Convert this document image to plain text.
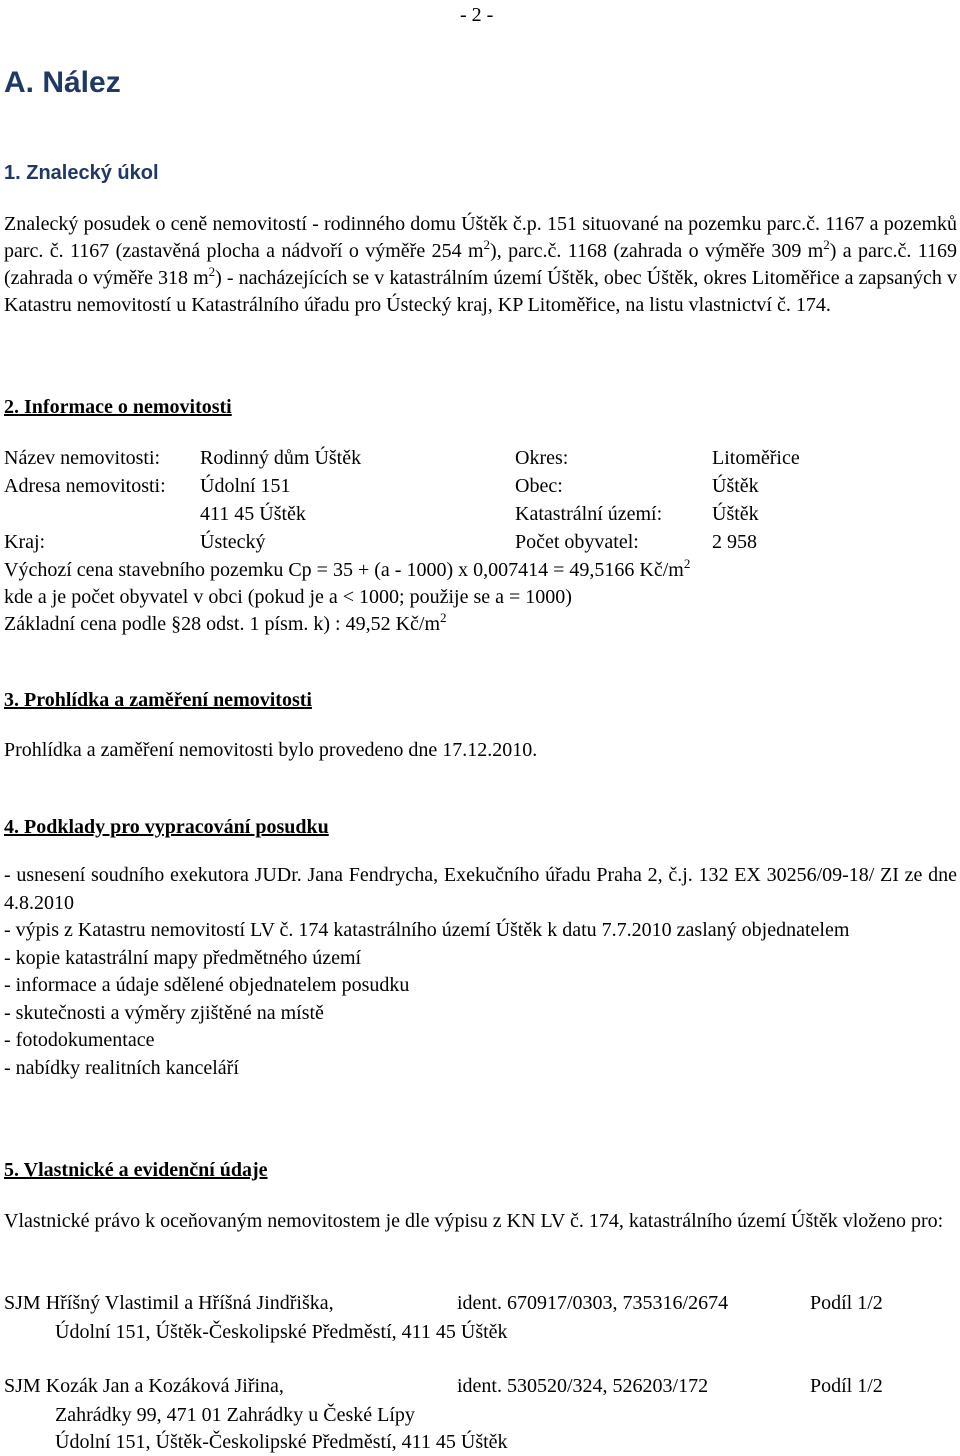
- 2 -
A. Nález
1. Znalecký úkol

Znalecký posudek o ceně nemovitostí - rodinného domu Úštěk č.p. 151 situované na pozemku parc.č. 1167 a pozemků parc. č. 1167 (zastavěná plocha a nádvoří o výměře 254 $m^2$), parc.č. 1168 (zahrada o výměře 309 $m^2$) a parc.č. 1169 (zahrada o výměře 318 $m^2$) - nacházejících se v katastrálním území Úštěk, obec Úštěk, okres Litoměřice a zapsaných v Katastru nemovitostí u Katastrálního úřadu pro Ústecký kraj, KP Litoměřice, na listu vlastnictví č. 174.

2. Informace o nemovitosti
Název nemovitosti: Rodinný dům Úštěk	Okres:	Litoměřice
Adresa nemovitosti: Údolní 151	Obec:	Úštěk
411 45 Úštěk	Katastrální území: Úštěk
Kraj:	Ústecký	Počet obyvatel:	2 958
Výchozí cena stavebního pozemku Cp = 35 + (a - 1000) x 0,007414 = 49,5166 $Kč/m^2$
kde a je počet obyvatel v obci (pokud je a < 1000; použije se a = 1000)
Základní cena podle §28 odst. 1 písm. k) : 49,52 $Kč/m^2$
3. Prohlídka a zaměření nemovitosti

Prohlídka a zaměření nemovitosti bylo provedeno dne 17.12.2010.

4. Podklady pro vypracování posudku
- usnesení soudního exekutora JUDr. Jana Fendrycha, Exekučního úřadu Praha 2, č.j. 132 EX 30256/09-18/ ZI ze dne 4.8.2010
- výpis z Katastru nemovitostí LV č. 174 katastrálního území Úštěk k datu 7.7.2010 zaslaný objednatelem
- kopie katastrální mapy předmětného území
- informace a údaje sdělené objednatelem posudku
- skutečnosti a výměry zjištěné na místě
- fotodokumentace
- nabídky realitních kanceláří
5. Vlastnické a evidenční údaje

Vlastnické právo k oceňovaným nemovitostem je dle výpisu z KN LV č. 174, katastrálního území Úštěk vloženo pro:

SJM Hříšný Vlastimil a Hříšná Jindřiška,	ident. 670917/0303, 735316/2674	Podíl 1/2
Údolní 151, Úštěk-Českolipské Předměstí, 411 45 Úštěk
SJM Kozák Jan a Kozáková Jiřina,	ident. 530520/324, 526203/172	Podíl 1/2
Zahrádky 99, 471 01 Zahrádky u České Lípy
Údolní 151, Úštěk-Českolipské Předměstí, 411 45 Úštěk
